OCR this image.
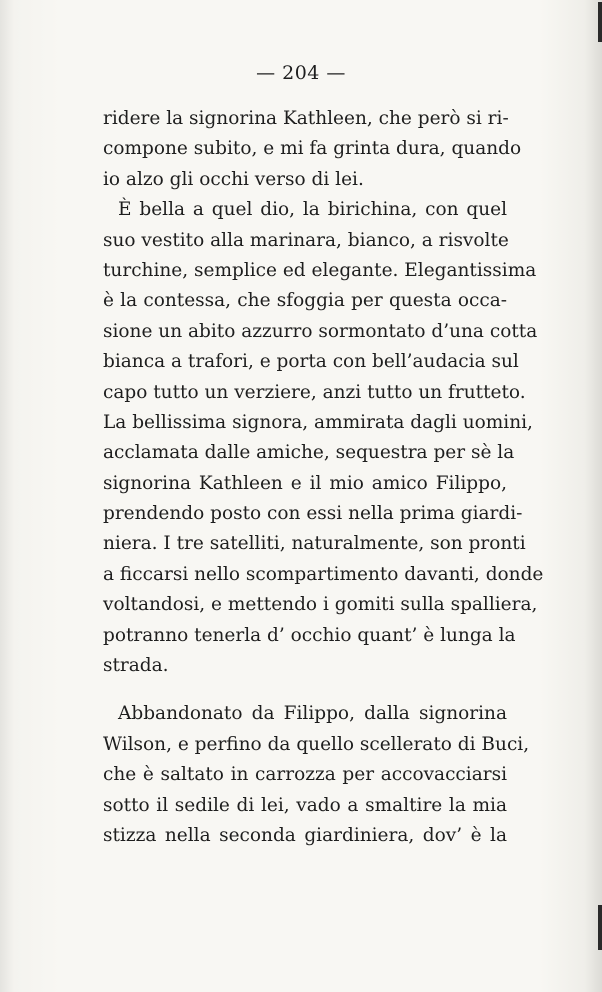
— 204 —
ridere la signorina Kathleen, che però si ri-
compone subito, e mi fa grinta dura, quando
io alzo gli occhi verso di lei.
È bella a quel dio, la birichina, con quel
suo vestito alla marinara, bianco, a risvolte
turchine, semplice ed elegante. Elegantissima
è la contessa, che sfoggia per questa occa-
sione un abito azzurro sormontato d’una cotta
bianca a trafori, e porta con bell’audacia sul
capo tutto un verziere, anzi tutto un frutteto.
La bellissima signora, ammirata dagli uomini,
acclamata dalle amiche, sequestra per sè la
signorina Kathleen e il mio amico Filippo,
prendendo posto con essi nella prima giardi-
niera. I tre satelliti, naturalmente, son pronti
a ficcarsi nello scompartimento davanti, donde
voltandosi, e mettendo i gomiti sulla spalliera,
potranno tenerla d’ occhio quant’ è lunga la
strada.
Abbandonato da Filippo, dalla signorina
Wilson, e perfino da quello scellerato di Buci,
che è saltato in carrozza per accovacciarsi
sotto il sedile di lei, vado a smaltire la mia
stizza nella seconda giardiniera, dov’ è la
